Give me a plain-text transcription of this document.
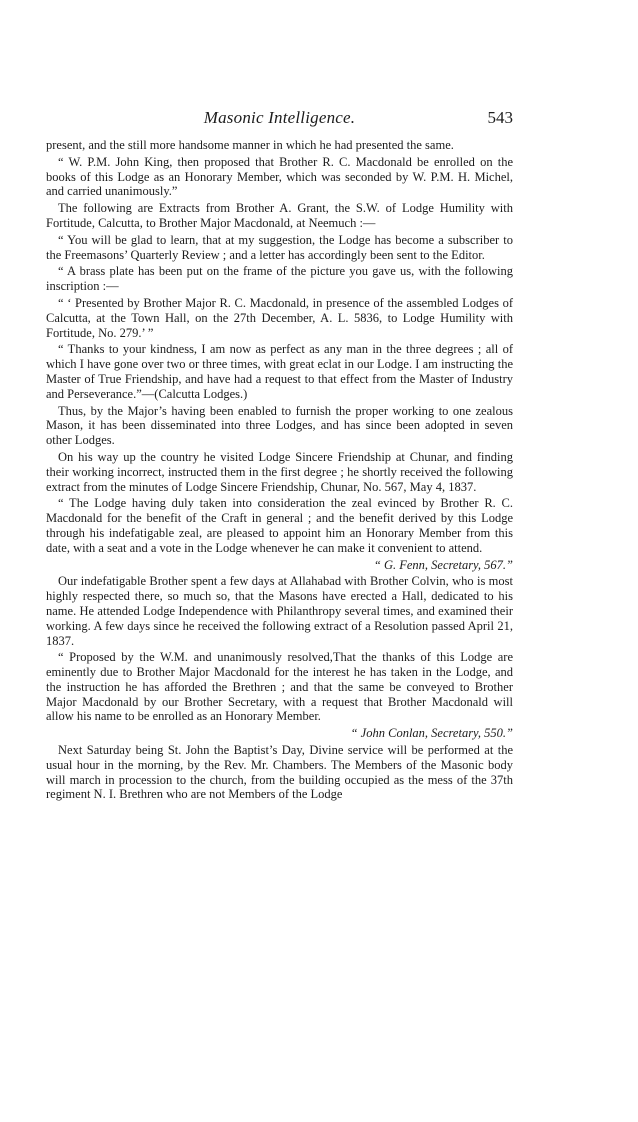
Masonic Intelligence.	543

present, and the still more handsome manner in which he had presented the same.

“ W. P.M. John King, then proposed that Brother R. C. Macdonald be enrolled on the books of this Lodge as an Honorary Member, which was seconded by W. P.M. H. Michel, and carried unanimously.”

The following are Extracts from Brother A. Grant, the S.W. of Lodge Humility with Fortitude, Calcutta, to Brother Major Macdonald, at Neemuch :—

“ You will be glad to learn, that at my suggestion, the Lodge has become a subscriber to the Freemasons’ Quarterly Review ; and a letter has accordingly been sent to the Editor.

“ A brass plate has been put on the frame of the picture you gave us, with the following inscription :—

“ ‘ Presented by Brother Major R. C. Macdonald, in presence of the assembled Lodges of Calcutta, at the Town Hall, on the 27th December, A. L. 5836, to Lodge Humility with Fortitude, No. 279.’ ”

“ Thanks to your kindness, I am now as perfect as any man in the three degrees ; all of which I have gone over two or three times, with great eclat in our Lodge. I am instructing the Master of True Friendship, and have had a request to that effect from the Master of Industry and Perseverance.”—(Calcutta Lodges.)

Thus, by the Major’s having been enabled to furnish the proper working to one zealous Mason, it has been disseminated into three Lodges, and has since been adopted in seven other Lodges.

On his way up the country he visited Lodge Sincere Friendship at Chunar, and finding their working incorrect, instructed them in the first degree ; he shortly received the following extract from the minutes of Lodge Sincere Friendship, Chunar, No. 567, May 4, 1837.

“ The Lodge having duly taken into consideration the zeal evinced by Brother R. C. Macdonald for the benefit of the Craft in general ; and the benefit derived by this Lodge through his indefatigable zeal, are pleased to appoint him an Honorary Member from this date, with a seat and a vote in the Lodge whenever he can make it convenient to attend.

“ G. Fenn, Secretary, 567.”

Our indefatigable Brother spent a few days at Allahabad with Brother Colvin, who is most highly respected there, so much so, that the Masons have erected a Hall, dedicated to his name. He attended Lodge Independence with Philanthropy several times, and examined their working. A few days since he received the following extract of a Resolution passed April 21, 1837.

“ Proposed by the W.M. and unanimously resolved,That the thanks of this Lodge are eminently due to Brother Major Macdonald for the interest he has taken in the Lodge, and the instruction he has afforded the Brethren ; and that the same be conveyed to Brother Major Macdonald by our Brother Secretary, with a request that Brother Macdonald will allow his name to be enrolled as an Honorary Member.

“ John Conlan, Secretary, 550.”

Next Saturday being St. John the Baptist’s Day, Divine service will be performed at the usual hour in the morning, by the Rev. Mr. Chambers. The Members of the Masonic body will march in procession to the church, from the building occupied as the mess of the 37th regiment N. I. Brethren who are not Members of the Lodge
